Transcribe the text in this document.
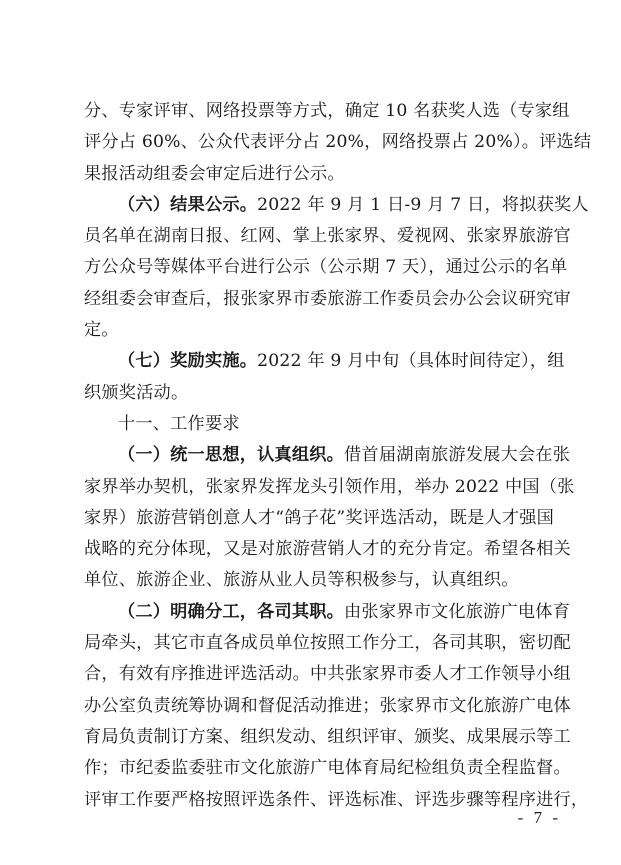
分、专家评审、网络投票等方式，确定 10 名获奖人选（专家组
评分占 60%、公众代表评分占 20%，网络投票占 20%）。评选结
果报活动组委会审定后进行公示。
（六）结果公示。2022 年 9 月 1 日-9 月 7 日，将拟获奖人
员名单在湖南日报、红网、掌上张家界、爱视网、张家界旅游官
方公众号等媒体平台进行公示（公示期 7 天），通过公示的名单
经组委会审查后，报张家界市委旅游工作委员会办公会议研究审
定。
（七）奖励实施。2022 年 9 月中旬（具体时间待定），组
织颁奖活动。
十一、工作要求
（一）统一思想，认真组织。借首届湖南旅游发展大会在张
家界举办契机，张家界发挥龙头引领作用，举办 2022 中国（张
家界）旅游营销创意人才“鸽子花”奖评选活动，既是人才强国
战略的充分体现，又是对旅游营销人才的充分肯定。希望各相关
单位、旅游企业、旅游从业人员等积极参与，认真组织。
（二）明确分工，各司其职。由张家界市文化旅游广电体育
局牵头，其它市直各成员单位按照工作分工，各司其职，密切配
合，有效有序推进评选活动。中共张家界市委人才工作领导小组
办公室负责统筹协调和督促活动推进；张家界市文化旅游广电体
育局负责制订方案、组织发动、组织评审、颁奖、成果展示等工
作；市纪委监委驻市文化旅游广电体育局纪检组负责全程监督。
评审工作要严格按照评选条件、评选标准、评选步骤等程序进行，
- 7 -
